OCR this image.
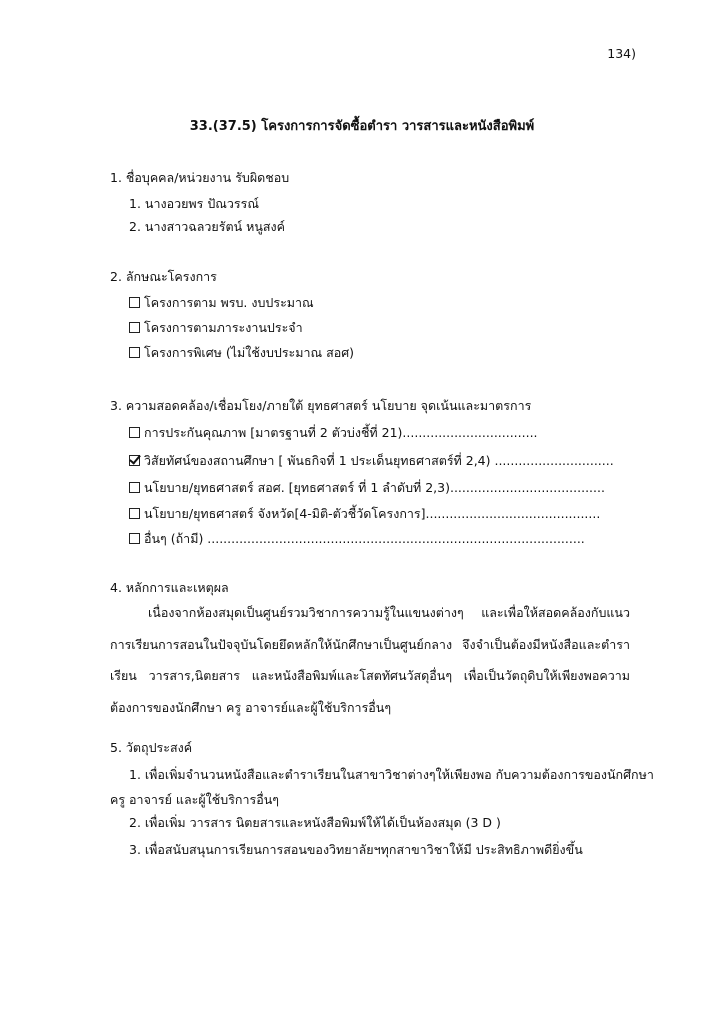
134)
33.(37.5) โครงการการจัดซื้อตำรา วารสารและหนังสือพิมพ์
1. ชื่อบุคคล/หน่วยงาน รับผิดชอบ
1. นางอวยพร ปัณวรรณ์
2. นางสาวฉลวยรัตน์ หนูสงค์
2. ลักษณะโครงการ
โครงการตาม พรบ. งบประมาณ
โครงการตามภาระงานประจำ
โครงการพิเศษ (ไม่ใช้งบประมาณ สอศ)
3. ความสอดคล้อง/เชื่อมโยง/ภายใต้ ยุทธศาสตร์ นโยบาย จุดเน้นและมาตรการ
การประกันคุณภาพ [มาตรฐานที่ 2 ตัวบ่งชี้ที่ 21)..................................
วิสัยทัศน์ของสถานศึกษา [ พันธกิจที่ 1 ประเด็นยุทธศาสตร์ที่ 2,4) ..............................
นโยบาย/ยุทธศาสตร์ สอศ. [ยุทธศาสตร์ ที่ 1 ลำดับที่ 2,3).......................................
นโยบาย/ยุทธศาสตร์ จังหวัด[4-มิติ-ตัวชี้วัดโครงการ]............................................
อื่นๆ (ถ้ามี) ...............................................................................................
4. หลักการและเหตุผล
เนื่องจากห้องสมุดเป็นศูนย์รวมวิชาการความรู้ในแขนงต่างๆ และเพื่อให้สอดคล้องกับแนวการเรียนการสอนในปัจจุบันโดยยึดหลักให้นักศึกษาเป็นศูนย์กลาง จึงจำเป็นต้องมีหนังสือและตำราเรียน วารสาร,นิตยสาร และหนังสือพิมพ์และโสตทัศนวัสดุอื่นๆ เพื่อเป็นวัตถุดิบให้เพียงพอความต้องการของนักศึกษา ครู อาจารย์และผู้ใช้บริการอื่นๆ
5. วัตถุประสงค์
1. เพื่อเพิ่มจำนวนหนังสือและตำราเรียนในสาขาวิชาต่างๆให้เพียงพอ กับความต้องการของนักศึกษา
ครู อาจารย์ และผู้ใช้บริการอื่นๆ
2. เพื่อเพิ่ม วารสาร นิตยสารและหนังสือพิมพ์ให้ได้เป็นห้องสมุด (3 D )
3. เพื่อสนับสนุนการเรียนการสอนของวิทยาลัยฯทุกสาขาวิชาให้มี ประสิทธิภาพดียิ่งขึ้น
